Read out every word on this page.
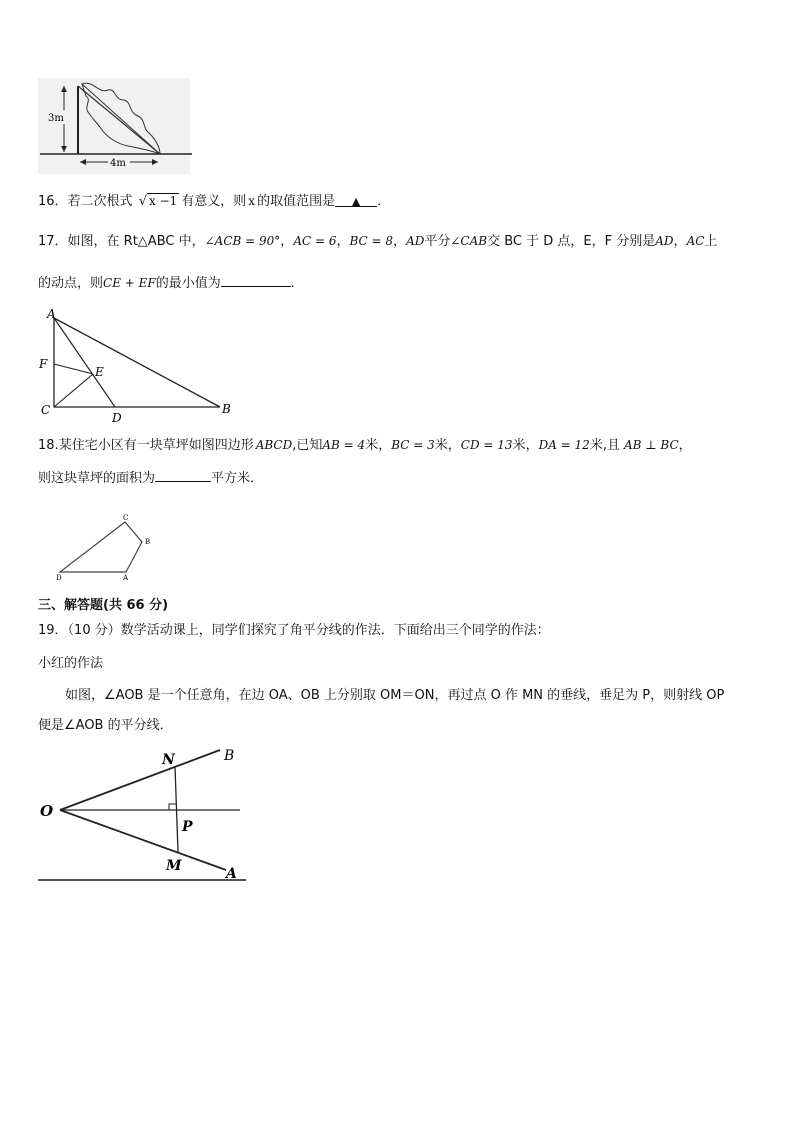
3m
4m
16．若二次根式 √ x −1 有意义，则 x 的取值范围是 ▲ ．
17．如图，在 Rt△ABC 中，∠ACB = 90°，AC = 6，BC = 8，AD平分∠CAB交 BC 于 D 点，E，F 分别是AD，AC上
的动点，则CE + EF的最小值为	．
A
F
E
C
D
B
18.某住宅小区有一块草坪如图四边形 ABCD,已知AB = 4米，BC = 3米，CD = 13米，DA = 12米,且 AB ⊥ BC，
则这块草坪的面积为	平方米．
C
B
D	A
三、解答题(共 66 分)
19．（10 分）数学活动课上，同学们探究了角平分线的作法．下面给出三个同学的作法：
小红的作法
如图，∠AOB 是一个任意角，在边 OA、OB 上分别取 OM＝ON，再过点 O 作 MN 的垂线，垂足为 P，则射线 OP
便是∠AOB 的平分线．
O
N	B
P
M	A
